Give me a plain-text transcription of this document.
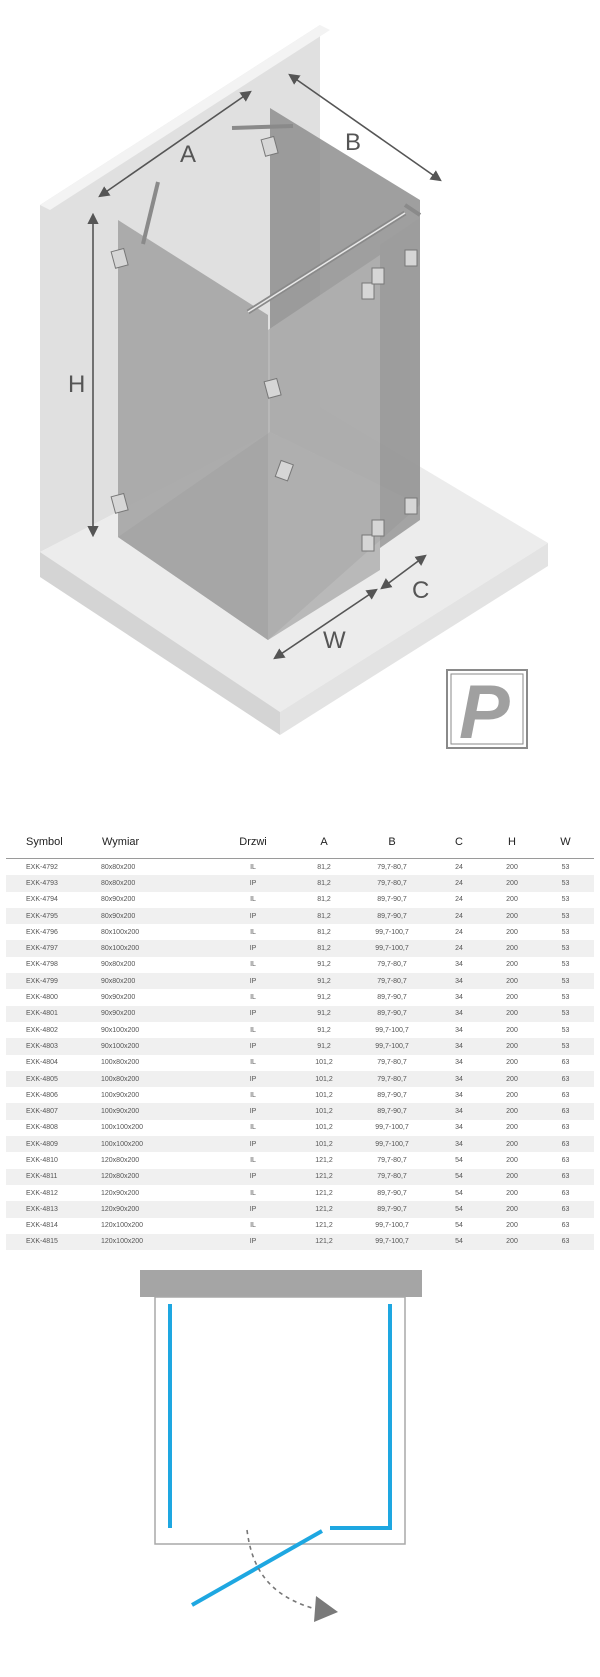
A	B
H
W
C
P
Symbol	Wymiar	Drzwi	A	B	C	H	W
EXK-4792	80x80x200	IL	81,2	79,7-80,7	24	200	53
EXK-4793	80x80x200	IP	81,2	79,7-80,7	24	200	53
EXK-4794	80x90x200	IL	81,2	89,7-90,7	24	200	53
EXK-4795	80x90x200	IP	81,2	89,7-90,7	24	200	53
EXK-4796	80x100x200	IL	81,2	99,7-100,7	24	200	53
EXK-4797	80x100x200	IP	81,2	99,7-100,7	24	200	53
EXK-4798	90x80x200	IL	91,2	79,7-80,7	34	200	53
EXK-4799	90x80x200	IP	91,2	79,7-80,7	34	200	53
EXK-4800	90x90x200	IL	91,2	89,7-90,7	34	200	53
EXK-4801	90x90x200	IP	91,2	89,7-90,7	34	200	53
EXK-4802	90x100x200	IL	91,2	99,7-100,7	34	200	53
EXK-4803	90x100x200	IP	91,2	99,7-100,7	34	200	53
EXK-4804	100x80x200	IL	101,2	79,7-80,7	34	200	63
EXK-4805	100x80x200	IP	101,2	79,7-80,7	34	200	63
EXK-4806	100x90x200	IL	101,2	89,7-90,7	34	200	63
EXK-4807	100x90x200	IP	101,2	89,7-90,7	34	200	63
EXK-4808	100x100x200	IL	101,2	99,7-100,7	34	200	63
EXK-4809	100x100x200	IP	101,2	99,7-100,7	34	200	63
EXK-4810	120x80x200	IL	121,2	79,7-80,7	54	200	63
EXK-4811	120x80x200	IP	121,2	79,7-80,7	54	200	63
EXK-4812	120x90x200	IL	121,2	89,7-90,7	54	200	63
EXK-4813	120x90x200	IP	121,2	89,7-90,7	54	200	63
EXK-4814	120x100x200	IL	121,2	99,7-100,7	54	200	63
EXK-4815	120x100x200	IP	121,2	99,7-100,7	54	200	63
